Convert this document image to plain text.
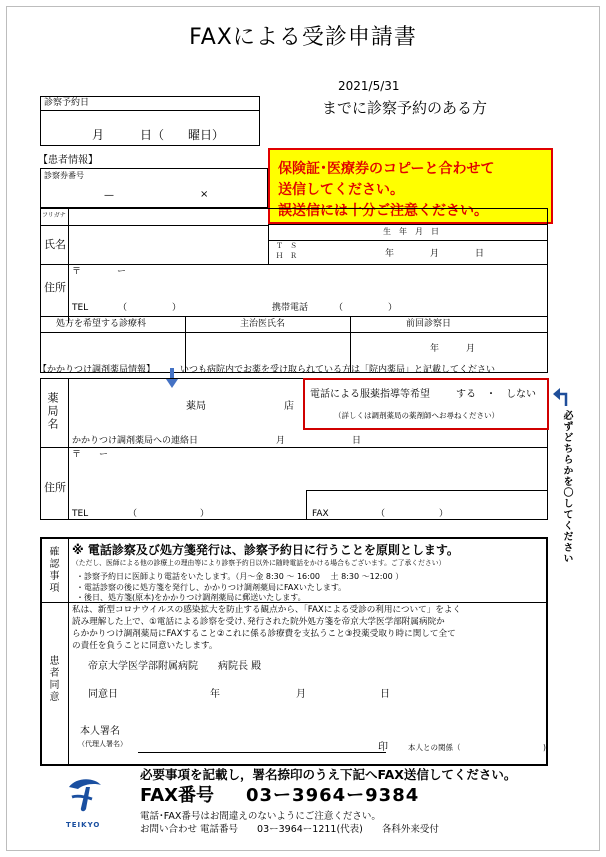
FAXによる受診申請書
2021/5/31
までに診察予約のある方
診察予約日
月　　　日（　　曜日）
保険証･医療券のコピーと合わせて
送信してください。
誤送信には十分ご注意ください。
【患者情報】
診察券番号
—	×
フリガナ
氏名
生　年　月　日
Ｔ　Ｓ
Ｈ　Ｒ	年　　　　月　　　　日
住所
〒　　　　ー
TEL	（　　　　　）	携帯電話	（　　　　　）
処方を希望する診療科	主治医氏名	前回診察日
年　　　月
【かかりつけ調剤薬局情報】	いつも病院内でお薬を受け取られている方は「院内薬局」と記載してください
薬局名	薬局	店
かかりつけ調剤薬局への連絡日	月	日
電話による服薬指導等希望	する　・　しない
（詳しくは調剤薬局の薬剤師へお尋ねください）	必ずどちらかを〇してください
住所
〒　　ー
TEL	（　　　　　　　）	FAX	（　　　　　　）
確認事項 ※ 電話診察及び処方箋発行は、診察予約日に行うことを原則とします。
（ただし、医師による他の診療上の理由等により診察予約日以外に随時電話をかける場合もございます。ご了承ください）
・診察予約日に医師より電話をいたします。（月～金 8:30 ～ 16:00　 土 8:30 ～12:00 ）
・電話診察の後に処方箋を発行し、かかりつけ調剤薬局にFAXいたします。
・後日、処方箋(原本)をかかりつけ調剤薬局に郵送いたします。
患者同意
私は、新型コロナウイルスの感染拡大を防止する観点から、「FAXによる受診の利用について」をよく
読み理解した上で、①電話による診察を受け､発行された院外処方箋を帝京大学医学部附属病院か
らかかりつけ調剤薬局にFAXすること②これに係る診療費を支払うこと③投薬受取り時に関して全て
の責任を負うことに同意いたします。
帝京大学医学部附属病院　　病院長 殿
同意日	年	月	日
本人署名
（代理人署名）	印	本人との関係（	)
TEIKYO
必要事項を記載し，署名捺印のうえ下記へFAX送信してください。
FAX番号 03ー3964ー9384
電話･FAX番号はお間違えのないようにご注意ください。
お問い合わせ 電話番号　　03ー3964ー1211(代表)　　各科外来受付
